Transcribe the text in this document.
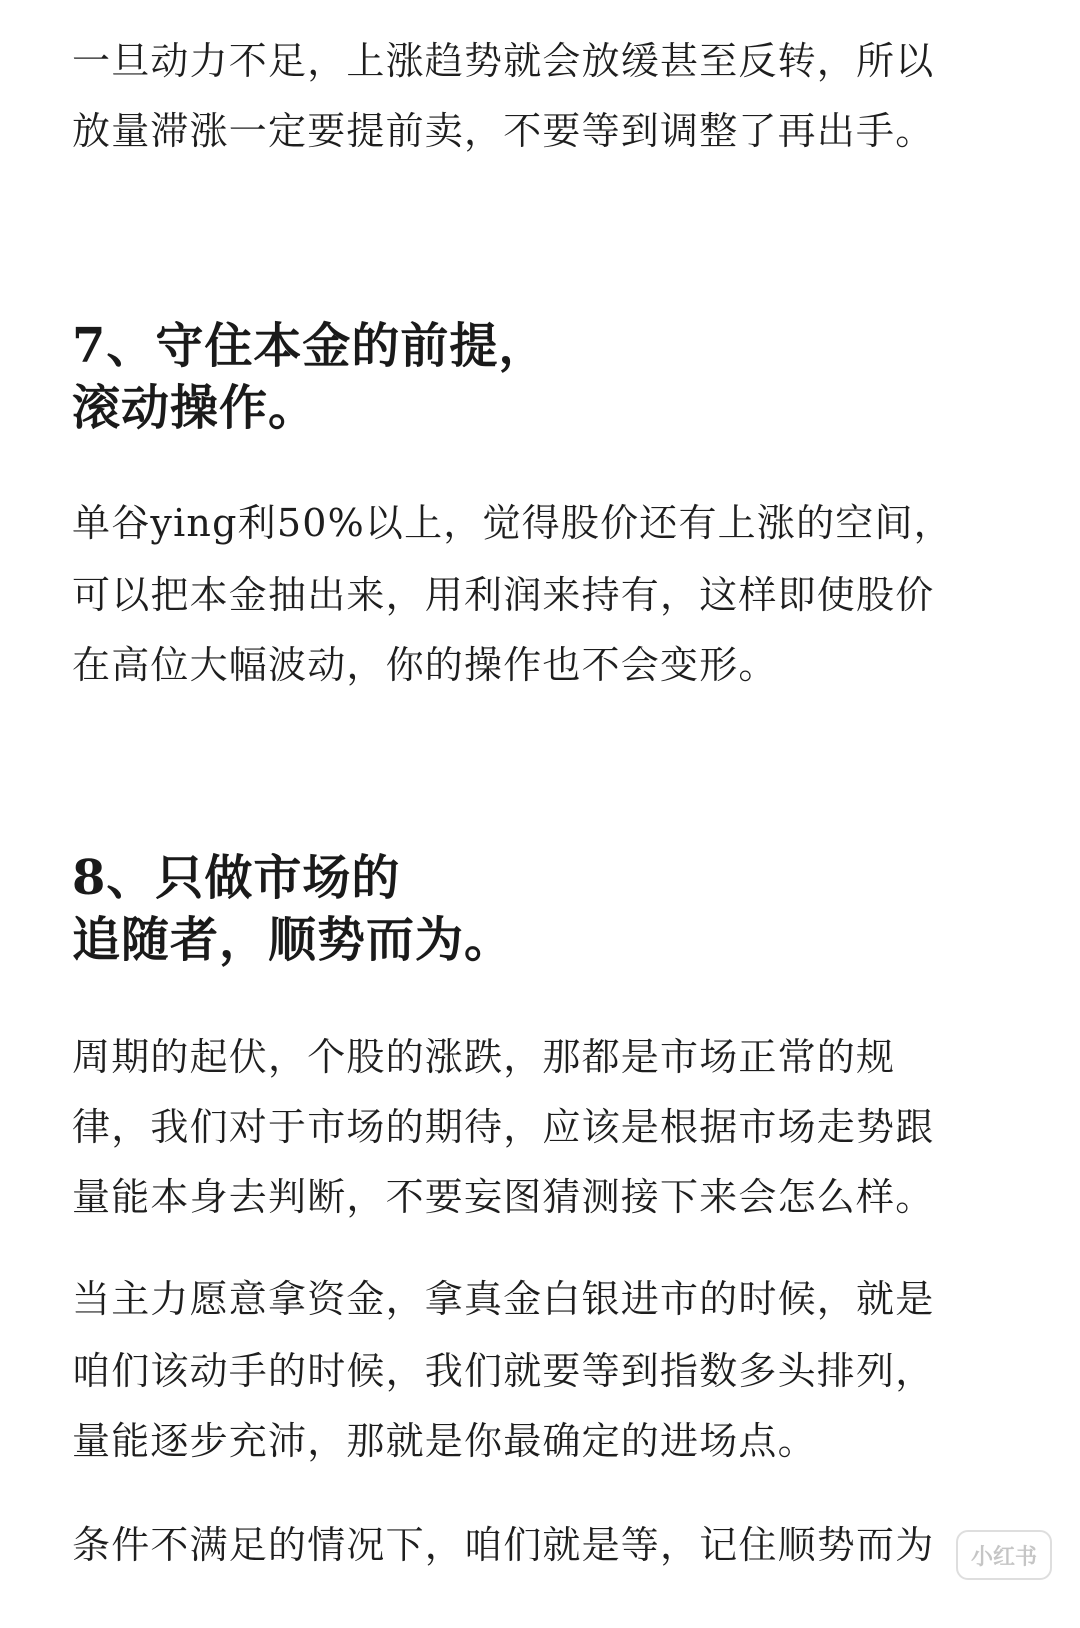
一旦动力不足，上涨趋势就会放缓甚至反转，所以
放量滞涨一定要提前卖，不要等到调整了再出手。
7、守住本金的前提，
滚动操作。
单谷ying利50%以上，觉得股价还有上涨的空间，
可以把本金抽出来，用利润来持有，这样即使股价
在高位大幅波动，你的操作也不会变形。
8、只做市场的
追随者，顺势而为。
周期的起伏，个股的涨跌，那都是市场正常的规
律，我们对于市场的期待，应该是根据市场走势跟
量能本身去判断，不要妄图猜测接下来会怎么样。
当主力愿意拿资金，拿真金白银进市的时候，就是
咱们该动手的时候，我们就要等到指数多头排列，
量能逐步充沛，那就是你最确定的进场点。
条件不满足的情况下，咱们就是等，记住顺势而为	小红书
